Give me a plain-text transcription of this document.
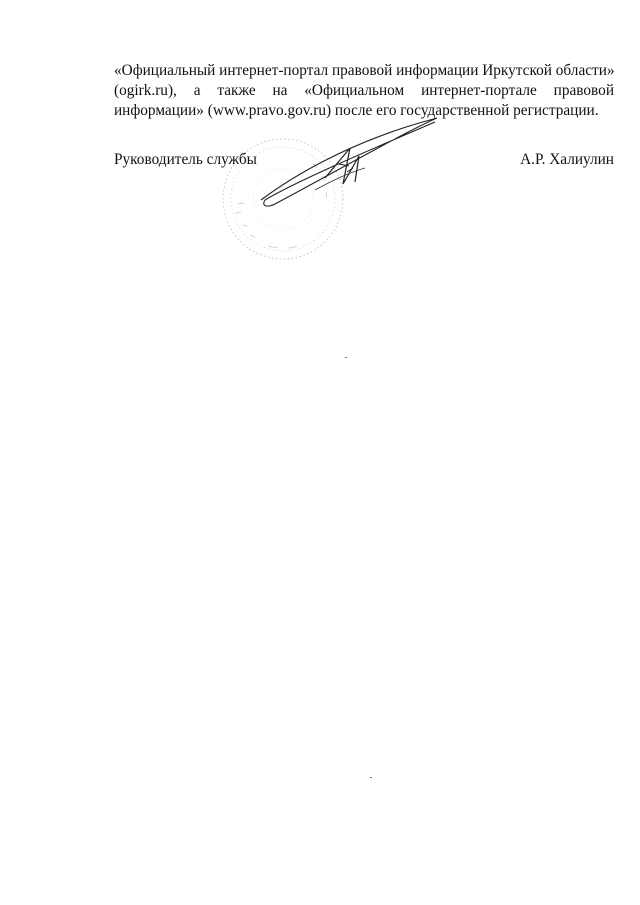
«Официальный интернет-портал правовой информации Иркутской области»
(ogirk.ru), а также на «Официальном интернет-портале правовой
информации» (www.pravo.gov.ru) после его государственной регистрации.
Руководитель службы	А.Р. Халиулин
